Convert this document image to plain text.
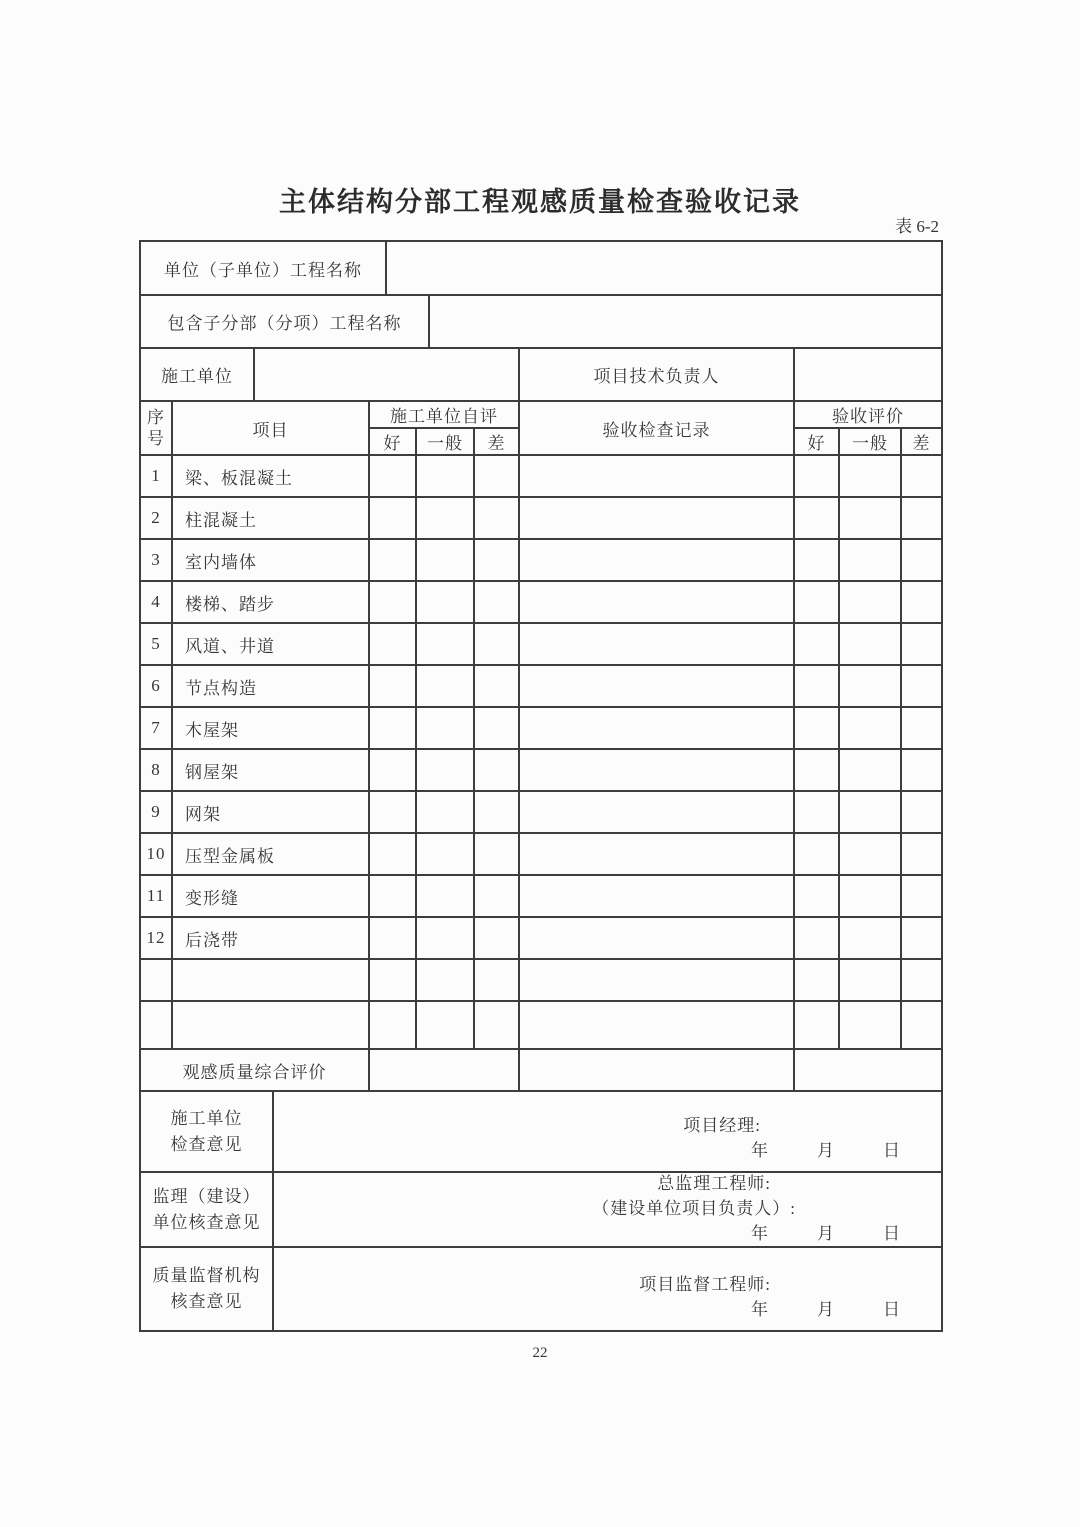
主体结构分部工程观感质量检查验收记录
表 6-2
单位（子单位）工程名称												
包含子分部（分项）工程名称												
施工单位									项目技术负责人			
序号	项目			施工单位自评					验收检查记录	验收评价		
				好		一般		差		好	一般	差
1	梁、板混凝土											
2	柱混凝土											
3	室内墙体											
4	楼梯、踏步											
5	风道、井道											
6	节点构造											
7	木屋架											
8	钢屋架											
9	网架											
10	压型金属板											
11	变形缝											
12	后浇带											

观感质量综合评价												

施工单位
检查意见

项目经理:
年	月	日

监理（建设）
单位核查意见

总监理工程师:
（建设单位项目负责人）:
年	月	日

质量监督机构
核查意见

项目监督工程师:
年	月	日
22
